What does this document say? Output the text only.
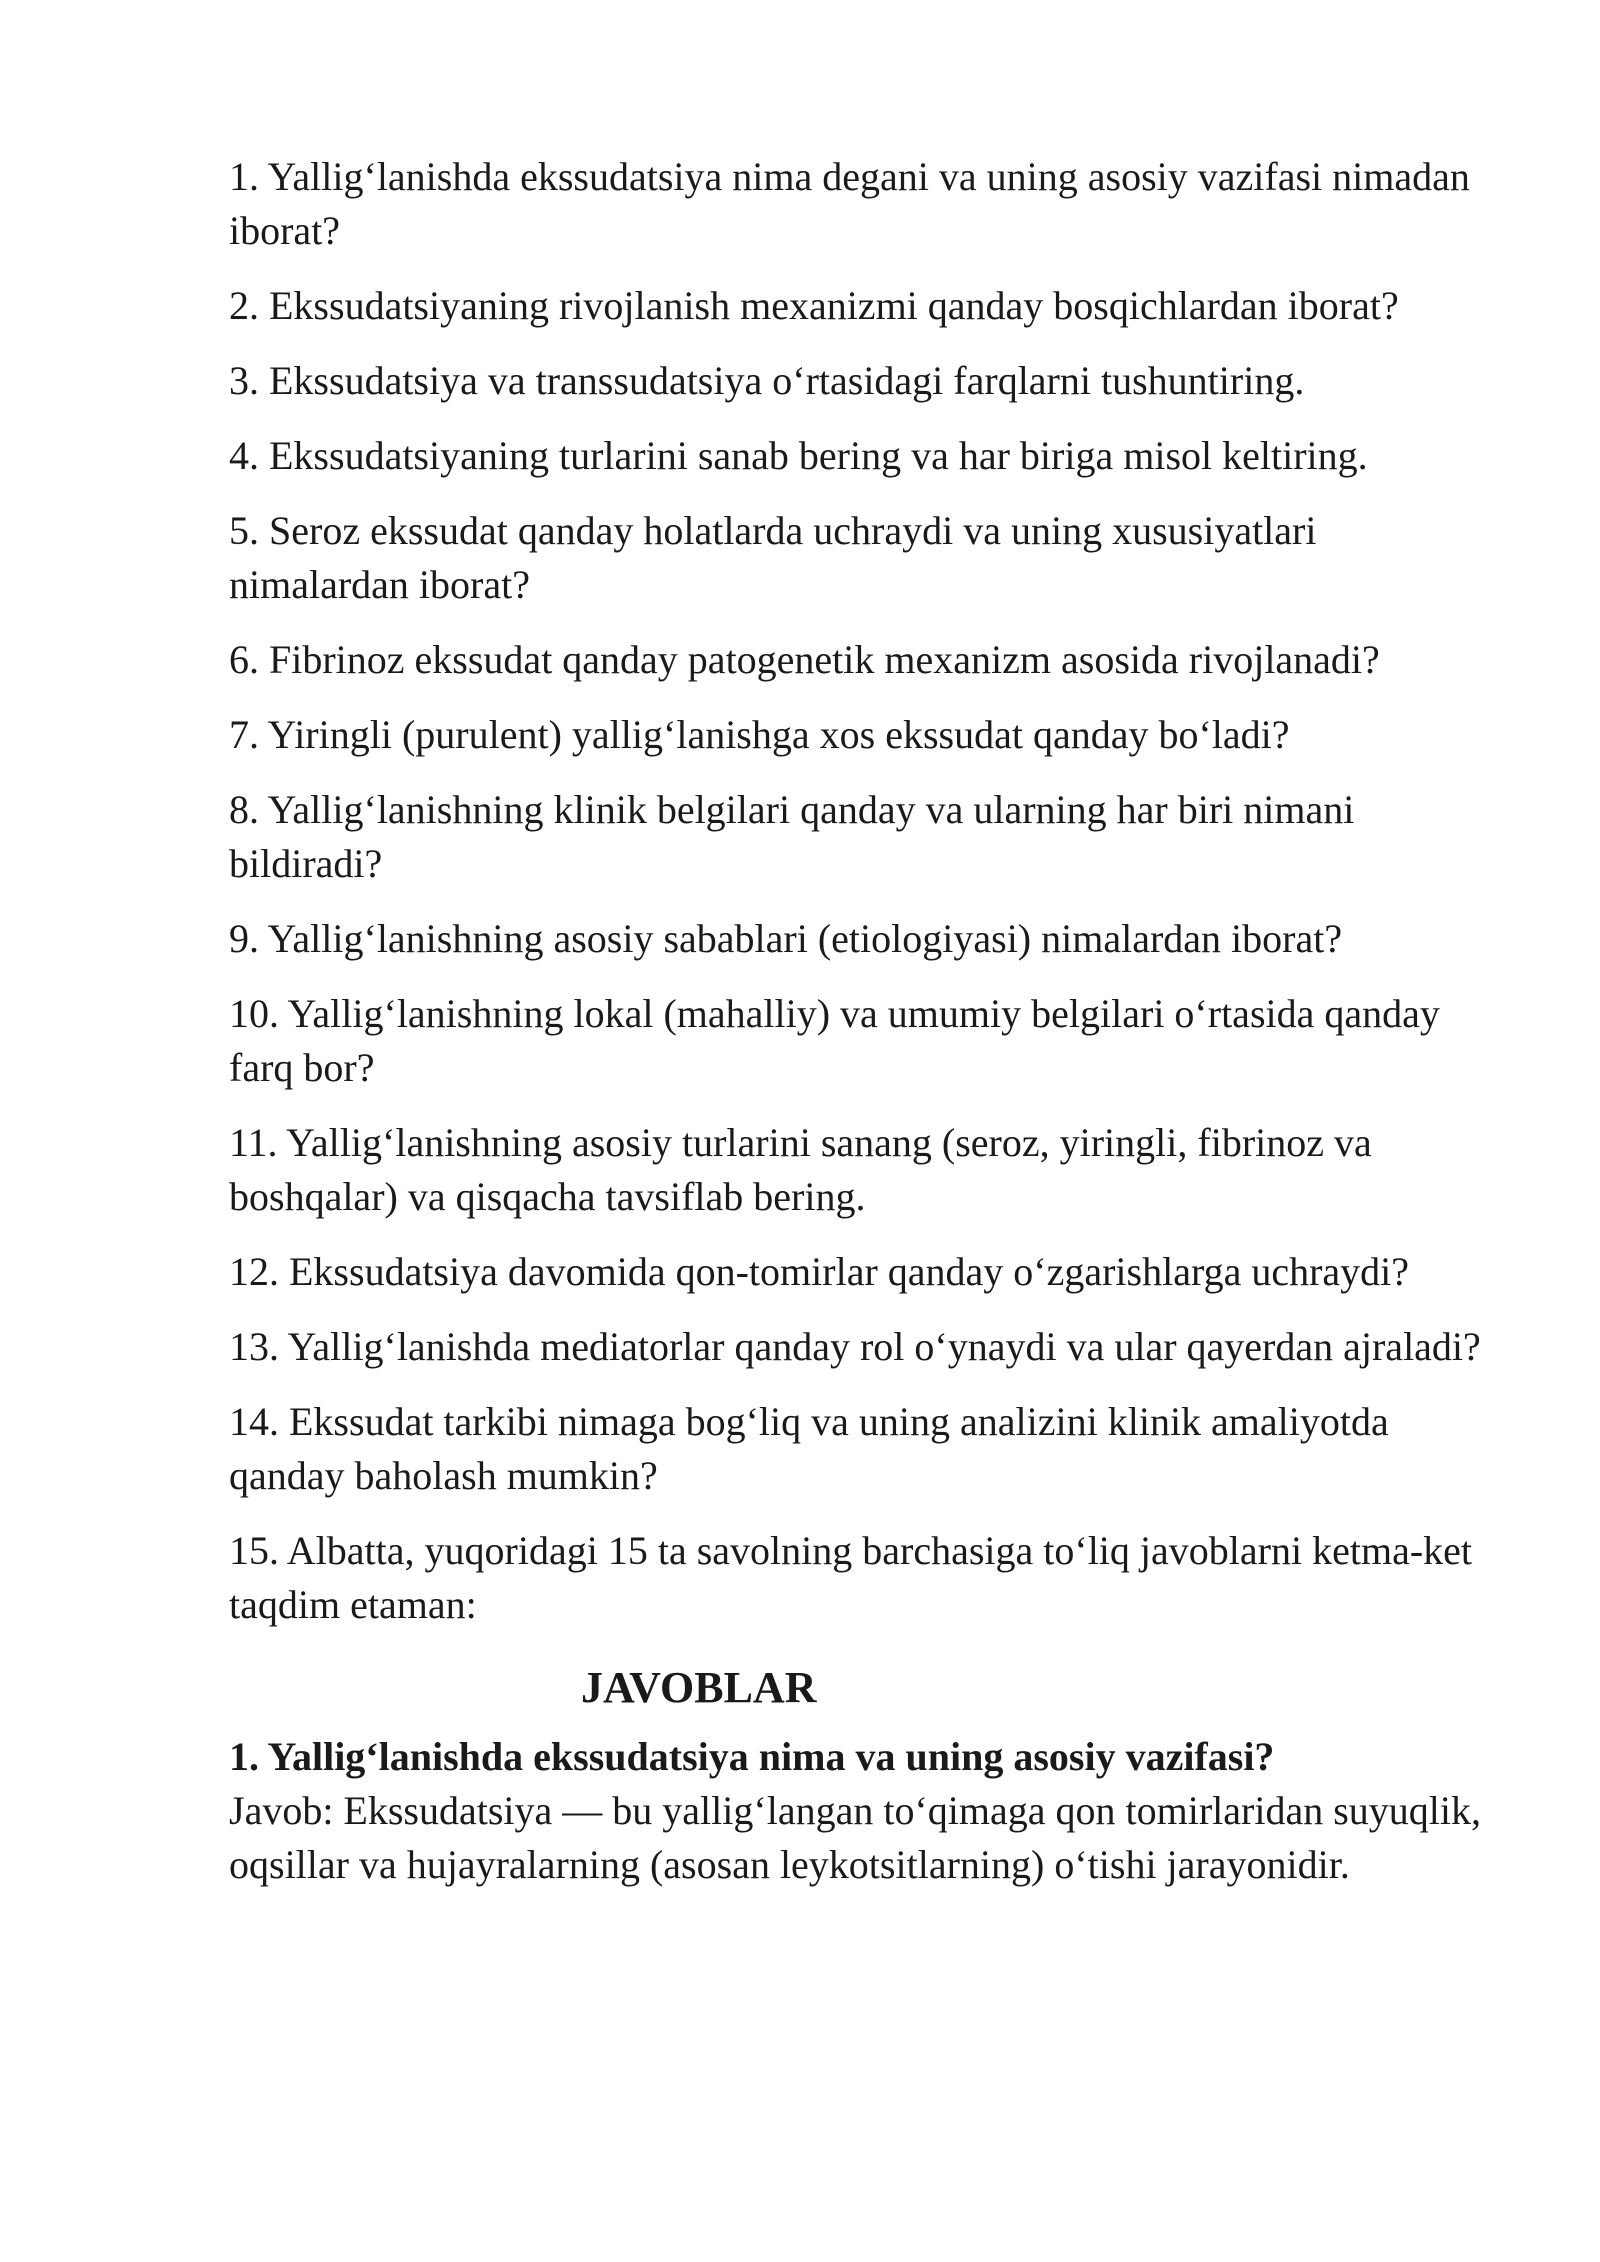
1. Yallig‘lanishda ekssudatsiya nima degani va uning asosiy vazifasi nimadan iborat?

2. Ekssudatsiyaning rivojlanish mexanizmi qanday bosqichlardan iborat?

3. Ekssudatsiya va transsudatsiya o‘rtasidagi farqlarni tushuntiring.

4. Ekssudatsiyaning turlarini sanab bering va har biriga misol keltiring.

5. Seroz ekssudat qanday holatlarda uchraydi va uning xususiyatlari nimalardan iborat?

6. Fibrinoz ekssudat qanday patogenetik mexanizm asosida rivojlanadi?

7. Yiringli (purulent) yallig‘lanishga xos ekssudat qanday bo‘ladi?

8. Yallig‘lanishning klinik belgilari qanday va ularning har biri nimani bildiradi?

9. Yallig‘lanishning asosiy sabablari (etiologiyasi) nimalardan iborat?

10. Yallig‘lanishning lokal (mahalliy) va umumiy belgilari o‘rtasida qanday farq bor?

11. Yallig‘lanishning asosiy turlarini sanang (seroz, yiringli, fibrinoz va boshqalar) va qisqacha tavsiflab bering.

12. Ekssudatsiya davomida qon-tomirlar qanday o‘zgarishlarga uchraydi?

13. Yallig‘lanishda mediatorlar qanday rol o‘ynaydi va ular qayerdan ajraladi?

14. Ekssudat tarkibi nimaga bog‘liq va uning analizini klinik amaliyotda qanday baholash mumkin?

15. Albatta, yuqoridagi 15 ta savolning barchasiga to‘liq javoblarni ketma-ket taqdim etaman:

JAVOBLAR

1. Yallig‘lanishda ekssudatsiya nima va uning asosiy vazifasi?

Javob: Ekssudatsiya — bu yallig‘langan to‘qimaga qon tomirlaridan suyuqlik, oqsillar va hujayralarning (asosan leykotsitlarning) o‘tishi jarayonidir.
